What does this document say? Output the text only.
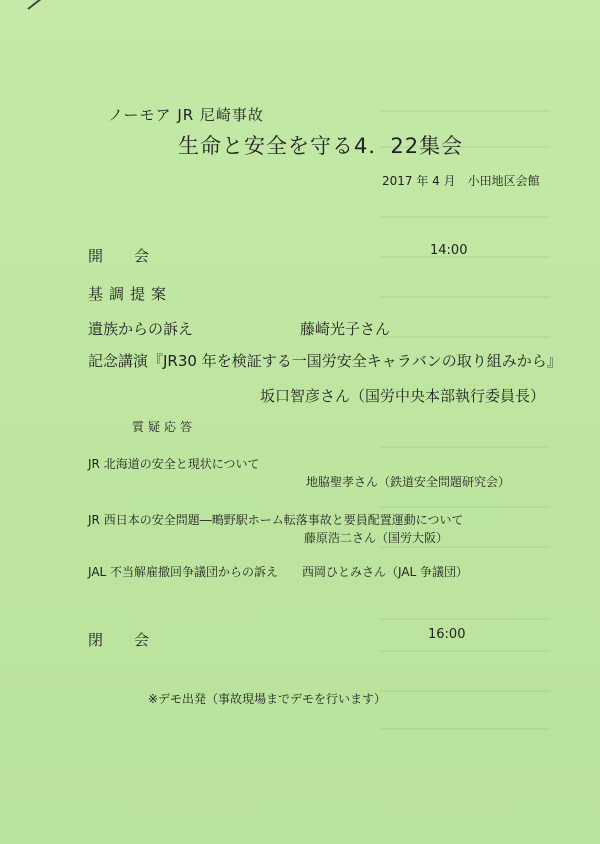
ノーモア JR 尼崎事故
生命と安全を守る4．22集会
2017 年 4 月　小田地区会館
開　会	14:00
基調提案
遺族からの訴え	藤崎光子さん
記念講演『JR30 年を検証する一国労安全キャラバンの取り組みから』
坂口智彦さん（国労中央本部執行委員長）
質疑応答
JR 北海道の安全と現状について
地脇聖孝さん（鉄道安全問題研究会）
JR 西日本の安全問題―鴫野駅ホーム転落事故と要員配置運動について
藤原浩二さん（国労大阪）
JAL 不当解雇撤回争議団からの訴え 西岡ひとみさん（JAL 争議団）
閉　会	16:00
※デモ出発（事故現場までデモを行います）
